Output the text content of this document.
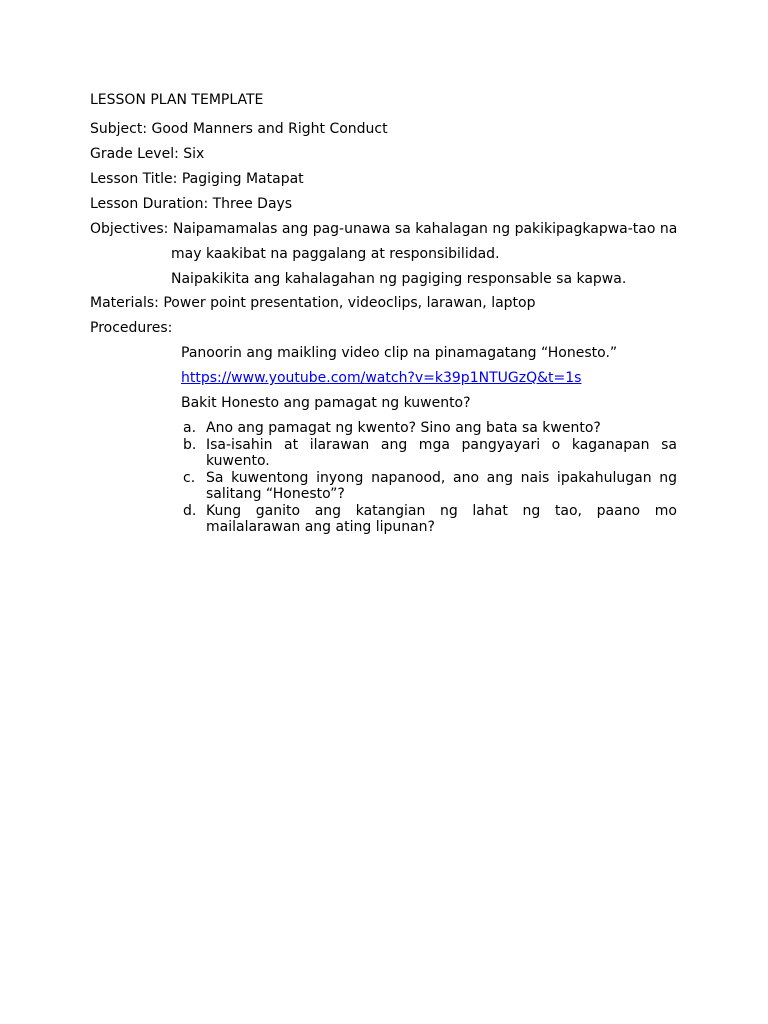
LESSON PLAN TEMPLATE
Subject: Good Manners and Right Conduct
Grade Level: Six
Lesson Title: Pagiging Matapat
Lesson Duration: Three Days
Objectives: Naipamamalas ang pag-unawa sa kahalagan ng pakikipagkapwa-tao na
may kaakibat na paggalang at responsibilidad.
Naipakikita ang kahalagahan ng pagiging responsable sa kapwa.
Materials: Power point presentation, videoclips, larawan, laptop
Procedures:
Panoorin ang maikling video clip na pinamagatang “Honesto.”
https://www.youtube.com/watch?v=k39p1NTUGzQ&t=1s
Bakit Honesto ang pamagat ng kuwento?
a. Ano ang pamagat ng kwento? Sino ang bata sa kwento?
b. Isa-isahin at ilarawan ang mga pangyayari o kaganapan sa kuwento.
c. Sa kuwentong inyong napanood, ano ang nais ipakahulugan ng salitang “Honesto”?
d. Kung ganito ang katangian ng lahat ng tao, paano mo mailalarawan ang ating lipunan?
